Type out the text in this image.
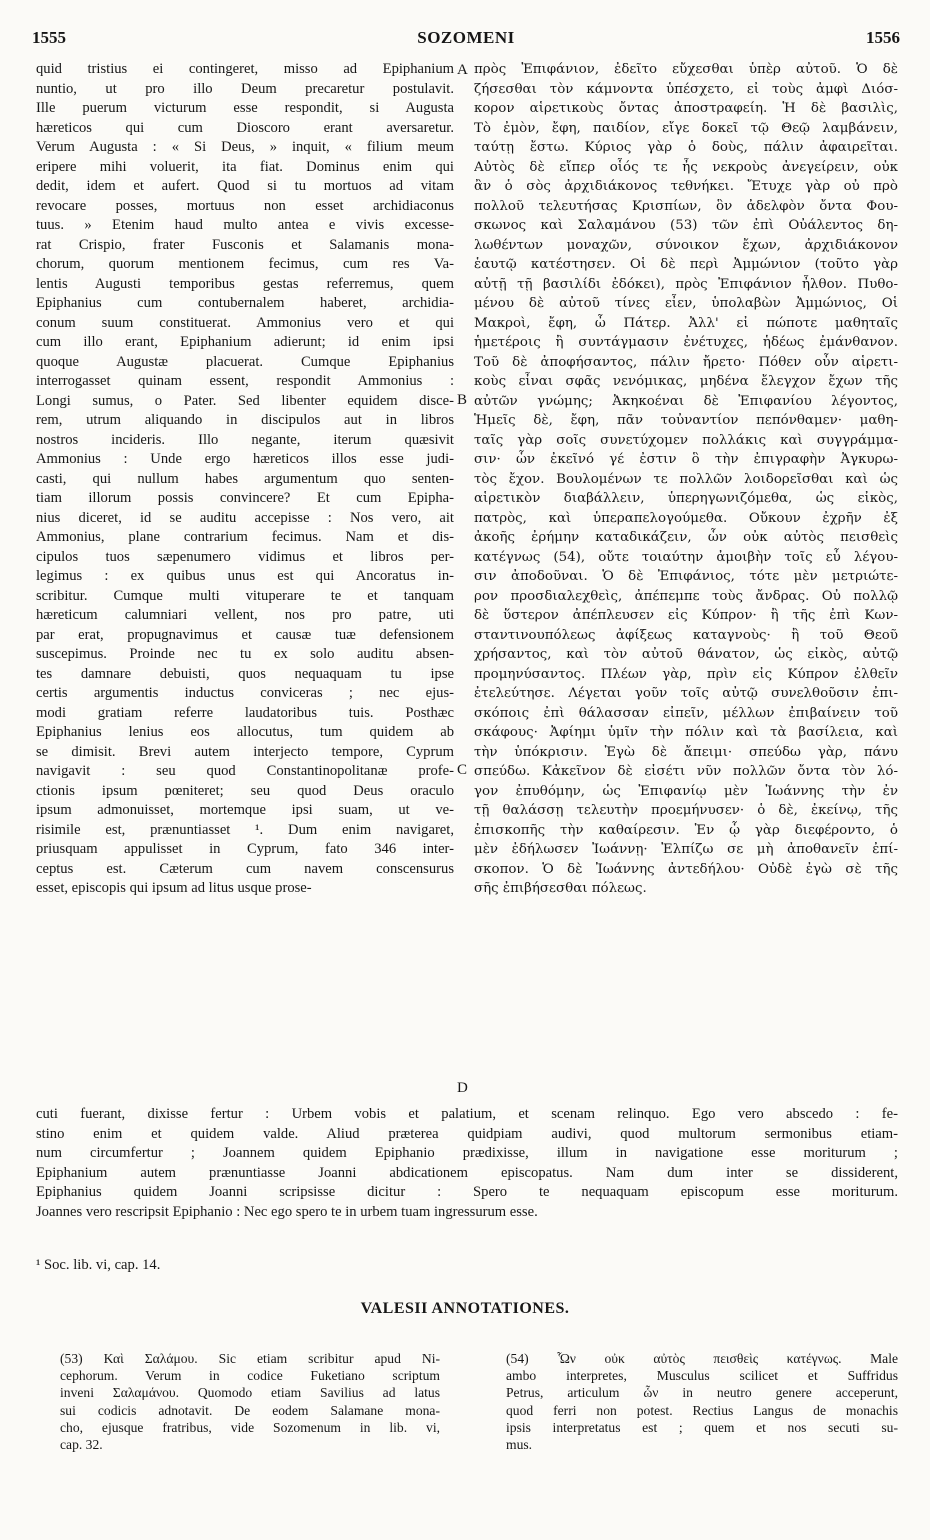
1555	SOZOMENI	1556
quid tristius ei contingeret, misso ad Epiphanium
nuntio, ut pro illo Deum precaretur postulavit.
Ille puerum victurum esse respondit, si Augusta
hæreticos qui cum Dioscoro erant aversaretur.
Verum Augusta : « Si Deus, » inquit, « filium meum
eripere mihi voluerit, ita fiat. Dominus enim qui
dedit, idem et aufert. Quod si tu mortuos ad vitam
revocare posses, mortuus non esset archidiaconus
tuus. » Etenim haud multo antea e vivis excesse-
rat Crispio, frater Fusconis et Salamanis mona-
chorum, quorum mentionem fecimus, cum res Va-
lentis Augusti temporibus gestas referremus, quem
Epiphanius cum contubernalem haberet, archidia-
conum suum constituerat. Ammonius vero et qui
cum illo erant, Epiphanium adierunt; id enim ipsi
quoque Augustæ placuerat. Cumque Epiphanius
interrogasset quinam essent, respondit Ammonius :
Longi sumus, o Pater. Sed libenter equidem disce-
rem, utrum aliquando in discipulos aut in libros
nostros incideris. Illo negante, iterum quæsivit
Ammonius : Unde ergo hæreticos illos esse judi-
casti, qui nullum habes argumentum quo senten-
tiam illorum possis convincere? Et cum Epipha-
nius diceret, id se auditu accepisse : Nos vero, ait
Ammonius, plane contrarium fecimus. Nam et dis-
cipulos tuos sæpenumero vidimus et libros per-
legimus : ex quibus unus est qui Ancoratus in-
scribitur. Cumque multi vituperare te et tanquam
hæreticum calumniari vellent, nos pro patre, uti
par erat, propugnavimus et causæ tuæ defensionem
suscepimus. Proinde nec tu ex solo auditu absen-
tes damnare debuisti, quos nequaquam tu ipse
certis argumentis inductus conviceras ; nec ejus-
modi gratiam referre laudatoribus tuis. Posthæc
Epiphanius lenius eos allocutus, tum quidem ab
se dimisit. Brevi autem interjecto tempore, Cyprum
navigavit : seu quod Constantinopolitanæ profe-
ctionis ipsum pœniteret; seu quod Deus oraculo
ipsum admonuisset, mortemque ipsi suam, ut ve-
risimile est, prænuntiasset ¹. Dum enim navigaret,
priusquam appulisset in Cyprum, fato 346 inter-
ceptus est. Cæterum cum navem conscensurus
esset, episcopis qui ipsum ad litus usque prose-
πρὸς Ἐπιφάνιον, ἐδεῖτο εὔχεσθαι ὑπὲρ αὐτοῦ. Ὁ δὲ
ζήσεσθαι τὸν κάμνοντα ὑπέσχετο, εἰ τοὺς ἀμφὶ Διόσ-
κορον αἱρετικοὺς ὄντας ἀποστραφείη. Ἡ δὲ βασιλὶς,
Τὸ ἐμὸν, ἔφη, παιδίον, εἴγε δοκεῖ τῷ Θεῷ λαμβάνειν,
ταύτῃ ἔστω. Κύριος γὰρ ὁ δοὺς, πάλιν ἀφαιρεῖται.
Αὐτὸς δὲ εἴπερ οἷός τε ἦς νεκροὺς ἀνεγείρειν, οὐκ
ἂν ὁ σὸς ἀρχιδιάκονος τεθνήκει. Ἔτυχε γὰρ οὐ πρὸ
πολλοῦ τελευτήσας Κρισπίων, ὃν ἀδελφὸν ὄντα Φου-
σκωνος καὶ Σαλαμάνου (53) τῶν ἐπὶ Οὐάλεντος δη-
λωθέντων μοναχῶν, σύνοικον ἔχων, ἀρχιδιάκονον
ἑαυτῷ κατέστησεν. Οἱ δὲ περὶ Ἀμμώνιον (τοῦτο γὰρ
αὐτῇ τῇ βασιλίδι ἐδόκει), πρὸς Ἐπιφάνιον ἦλθον. Πυθο-
μένου δὲ αὐτοῦ τίνες εἶεν, ὑπολαβὼν Ἀμμώνιος, Οἱ
Μακροὶ, ἔφη, ὦ Πάτερ. Ἀλλ' εἰ πώποτε μαθηταῖς
ἡμετέροις ἢ συντάγμασιν ἐνέτυχες, ἡδέως ἐμάνθανον.
Τοῦ δὲ ἀποφήσαντος, πάλιν ἤρετο· Πόθεν οὖν αἱρετι-
κοὺς εἶναι σφᾶς νενόμικας, μηδένα ἔλεγχον ἔχων τῆς
αὐτῶν γνώμης; Ἀκηκοέναι δὲ Ἐπιφανίου λέγοντος,
Ἡμεῖς δὲ, ἔφη, πᾶν τοὐναντίον πεπόνθαμεν· μαθη-
ταῖς γὰρ σοῖς συνετύχομεν πολλάκις καὶ συγγράμμα-
σιν· ὧν ἐκεῖνό γέ ἐστιν ὃ τὴν ἐπιγραφὴν Ἀγκυρω-
τὸς ἔχον. Βουλομένων τε πολλῶν λοιδορεῖσθαι καὶ ὡς
αἱρετικὸν διαβάλλειν, ὑπερηγωνιζόμεθα, ὡς εἰκὸς,
πατρὸς, καὶ ὑπεραπελογούμεθα. Οὔκουν ἐχρῆν ἐξ
ἀκοῆς ἐρήμην καταδικάζειν, ὧν οὐκ αὐτὸς πεισθεὶς
κατέγνως (54), οὔτε τοιαύτην ἀμοιβὴν τοῖς εὖ λέγου-
σιν ἀποδοῦναι. Ὁ δὲ Ἐπιφάνιος, τότε μὲν μετριώτε-
ρον προσδιαλεχθεὶς, ἀπέπεμπε τοὺς ἄνδρας. Οὐ πολλῷ
δὲ ὕστερον ἀπέπλευσεν εἰς Κύπρον· ἢ τῆς ἐπὶ Κων-
σταντινουπόλεως ἀφίξεως καταγνοὺς· ἢ τοῦ Θεοῦ
χρήσαντος, καὶ τὸν αὐτοῦ θάνατον, ὡς εἰκὸς, αὐτῷ
προμηνύσαντος. Πλέων γὰρ, πρὶν εἰς Κύπρον ἐλθεῖν
ἐτελεύτησε. Λέγεται γοῦν τοῖς αὐτῷ συνελθοῦσιν ἐπι-
σκόποις ἐπὶ θάλασσαν εἰπεῖν, μέλλων ἐπιβαίνειν τοῦ
σκάφους· Ἀφίημι ὑμῖν τὴν πόλιν καὶ τὰ βασίλεια, καὶ
τὴν ὑπόκρισιν. Ἐγὼ δὲ ἄπειμι· σπεύδω γὰρ, πάνυ
σπεύδω. Κἀκεῖνον δὲ εἰσέτι νῦν πολλῶν ὄντα τὸν λό-
γον ἐπυθόμην, ὡς Ἐπιφανίῳ μὲν Ἰωάννης τὴν ἐν
τῇ θαλάσσῃ τελευτὴν προεμήνυσεν· ὁ δὲ, ἐκείνῳ, τῆς
ἐπισκοπῆς τὴν καθαίρεσιν. Ἐν ᾧ γὰρ διεφέροντο, ὁ
μὲν ἐδήλωσεν Ἰωάννῃ· Ἐλπίζω σε μὴ ἀποθανεῖν ἐπί-
σκοπον. Ὁ δὲ Ἰωάννης ἀντεδήλου· Οὐδὲ ἐγὼ σὲ τῆς
σῆς ἐπιβήσεσθαι πόλεως.
A
B
C
D
cuti fuerant, dixisse fertur : Urbem vobis et palatium, et scenam relinquo. Ego vero abscedo : fe-
stino enim et quidem valde. Aliud præterea quidpiam audivi, quod multorum sermonibus etiam-
num circumfertur ; Joannem quidem Epiphanio prædixisse, illum in navigatione esse moriturum ;
Epiphanium autem prænuntiasse Joanni abdicationem episcopatus. Nam dum inter se dissiderent,
Epiphanius quidem Joanni scripsisse dicitur : Spero te nequaquam episcopum esse moriturum.
Joannes vero rescripsit Epiphanio : Nec ego spero te in urbem tuam ingressurum esse.
¹ Soc. lib. vi, cap. 14.
VALESII ANNOTATIONES.
(53) Καὶ Σαλάμου. Sic etiam scribitur apud Ni-
cephorum. Verum in codice Fuketiano scriptum
inveni Σαλαμάνου. Quomodo etiam Savilius ad latus
sui codicis adnotavit. De eodem Salamane mona-
cho, ejusque fratribus, vide Sozomenum in lib. vi,
cap. 32.
(54) Ὧν οὐκ αὐτὸς πεισθεὶς κατέγνως. Male
ambo interpretes, Musculus scilicet et Suffridus
Petrus, articulum ὧν in neutro genere acceperunt,
quod ferri non potest. Rectius Langus de monachis
ipsis interpretatus est ; quem et nos secuti su-
mus.
